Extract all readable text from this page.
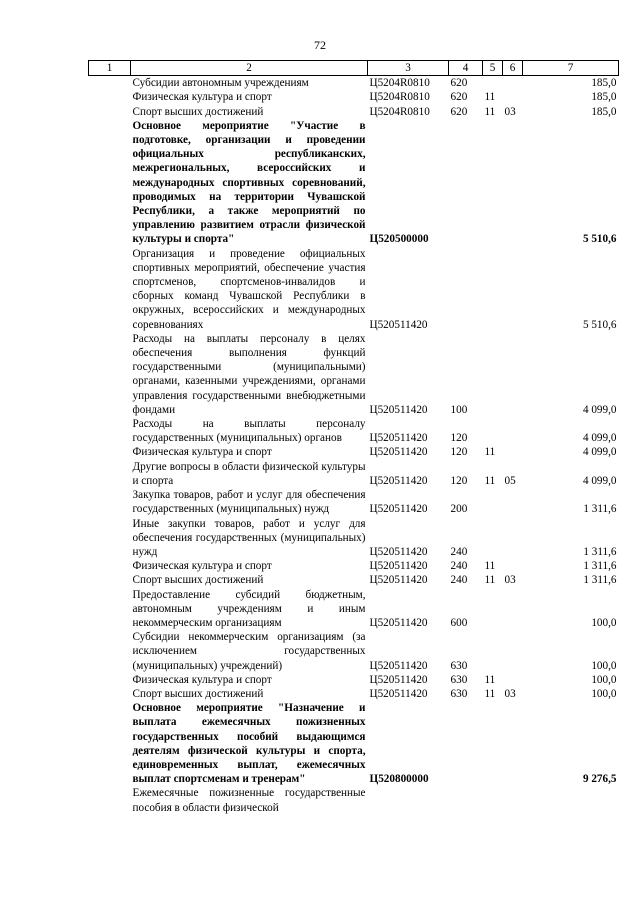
72
1	2	3	4	5	6	7
	Субсидии автономным учреждениям	Ц5204R0810	620			185,0
	Физическая культура и спорт	Ц5204R0810	620	11		185,0
	Спорт высших достижений	Ц5204R0810	620	11	03	185,0
	Основное мероприятие "Участие в подготовке, организации и проведении официальных республиканских, межрегиональных, всероссийских и международных спортивных соревнований, проводимых на территории Чувашской Республики, а также мероприятий по управлению развитием отрасли физической культуры и спорта"	Ц520500000				5 510,6
	Организация и проведение официальных спортивных мероприятий, обеспечение участия спортсменов, спортсменов-инвалидов и сборных команд Чувашской Республики в окружных, всероссийских и международных соревнованиях	Ц520511420				5 510,6
	Расходы на выплаты персоналу в целях обеспечения выполнения функций государственными (муниципальными) органами, казенными учреждениями, органами управления государственными внебюджетными фондами	Ц520511420	100			4 099,0
	Расходы на выплаты персоналу государственных (муниципальных) органов	Ц520511420	120			4 099,0
	Физическая культура и спорт	Ц520511420	120	11		4 099,0
	Другие вопросы в области физической культуры и спорта	Ц520511420	120	11	05	4 099,0
	Закупка товаров, работ и услуг для обеспечения государственных (муниципальных) нужд	Ц520511420	200			1 311,6
	Иные закупки товаров, работ и услуг для обеспечения государственных (муниципальных) нужд	Ц520511420	240			1 311,6
	Физическая культура и спорт	Ц520511420	240	11		1 311,6
	Спорт высших достижений	Ц520511420	240	11	03	1 311,6
	Предоставление субсидий бюджетным, автономным учреждениям и иным некоммерческим организациям	Ц520511420	600			100,0
	Субсидии некоммерческим организациям (за исключением государственных (муниципальных) учреждений)	Ц520511420	630			100,0
	Физическая культура и спорт	Ц520511420	630	11		100,0
	Спорт высших достижений	Ц520511420	630	11	03	100,0
	Основное мероприятие "Назначение и выплата ежемесячных пожизненных государственных пособий выдающимся деятелям физической культуры и спорта, единовременных выплат, ежемесячных выплат спортсменам и тренерам"	Ц520800000				9 276,5
	Ежемесячные пожизненные государственные пособия в области физической					
